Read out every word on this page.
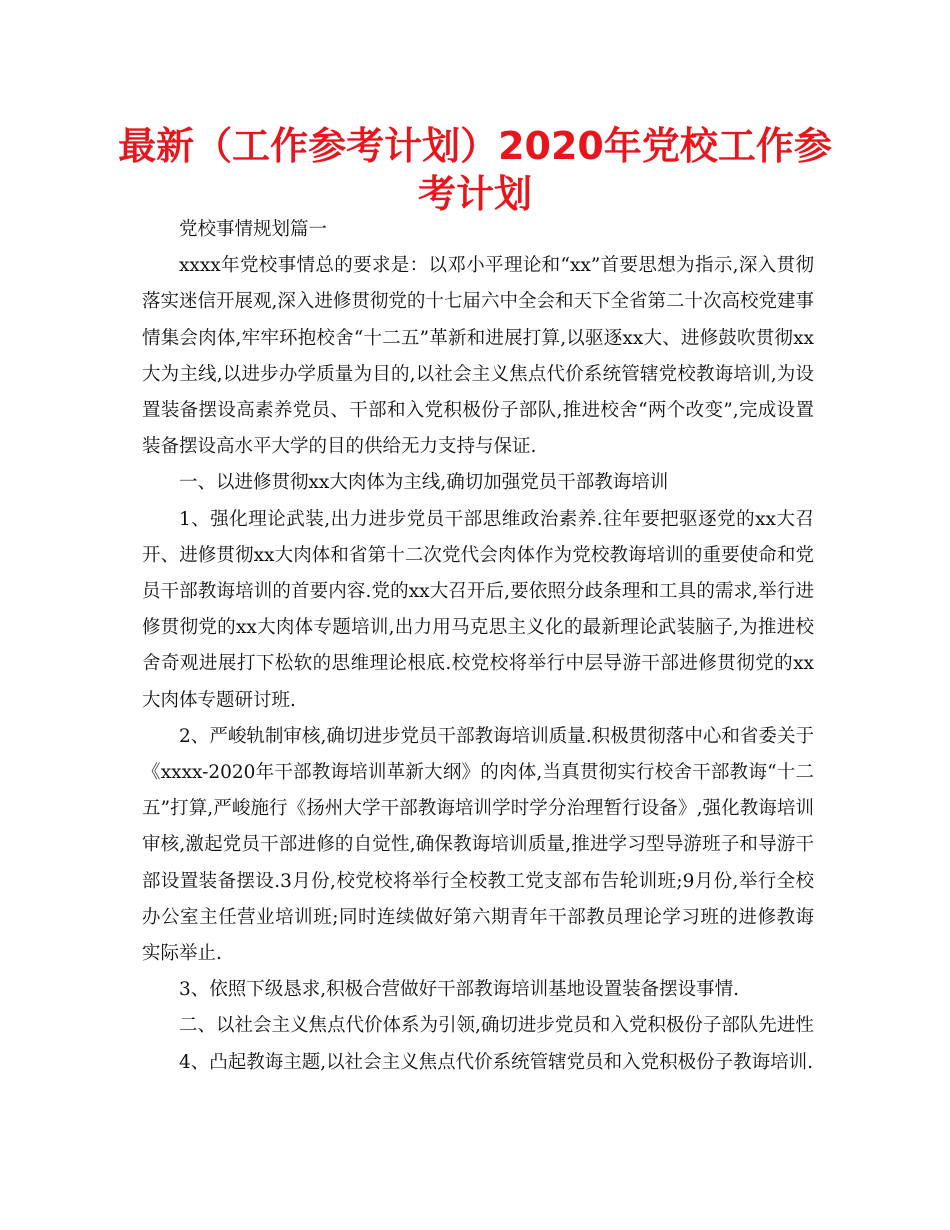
最新（工作参考计划）2020年党校工作参考计划

党校事情规划篇一

xxxx年党校事情总的要求是：以邓小平理论和“xx”首要思想为指示,深入贯彻落实迷信开展观,深入进修贯彻党的十七届六中全会和天下全省第二十次高校党建事情集会肉体,牢牢环抱校舍“十二五”革新和进展打算,以驱逐xx大、进修鼓吹贯彻xx大为主线,以进步办学质量为目的,以社会主义焦点代价系统管辖党校教诲培训,为设置装备摆设高素养党员、干部和入党积极份子部队,推进校舍“两个改变”,完成设置装备摆设高水平大学的目的供给无力支持与保证.

一、以进修贯彻xx大肉体为主线,确切加强党员干部教诲培训

1、强化理论武装,出力进步党员干部思维政治素养.往年要把驱逐党的xx大召开、进修贯彻xx大肉体和省第十二次党代会肉体作为党校教诲培训的重要使命和党员干部教诲培训的首要内容.党的xx大召开后,要依照分歧条理和工具的需求,举行进修贯彻党的xx大肉体专题培训,出力用马克思主义化的最新理论武装脑子,为推进校舍奇观进展打下松软的思维理论根底.校党校将举行中层导游干部进修贯彻党的xx大肉体专题研讨班.

2、严峻轨制审核,确切进步党员干部教诲培训质量.积极贯彻落中心和省委关于《xxxx-2020年干部教诲培训革新大纲》的肉体,当真贯彻实行校舍干部教诲“十二五”打算,严峻施行《扬州大学干部教诲培训学时学分治理暂行设备》,强化教诲培训审核,激起党员干部进修的自觉性,确保教诲培训质量,推进学习型导游班子和导游干部设置装备摆设.3月份,校党校将举行全校教工党支部布告轮训班;9月份,举行全校办公室主任营业培训班;同时连续做好第六期青年干部教员理论学习班的进修教诲实际举止.

3、依照下级恳求,积极合营做好干部教诲培训基地设置装备摆设事情.

二、以社会主义焦点代价体系为引领,确切进步党员和入党积极份子部队先进性

4、凸起教诲主题,以社会主义焦点代价系统管辖党员和入党积极份子教诲培训.
